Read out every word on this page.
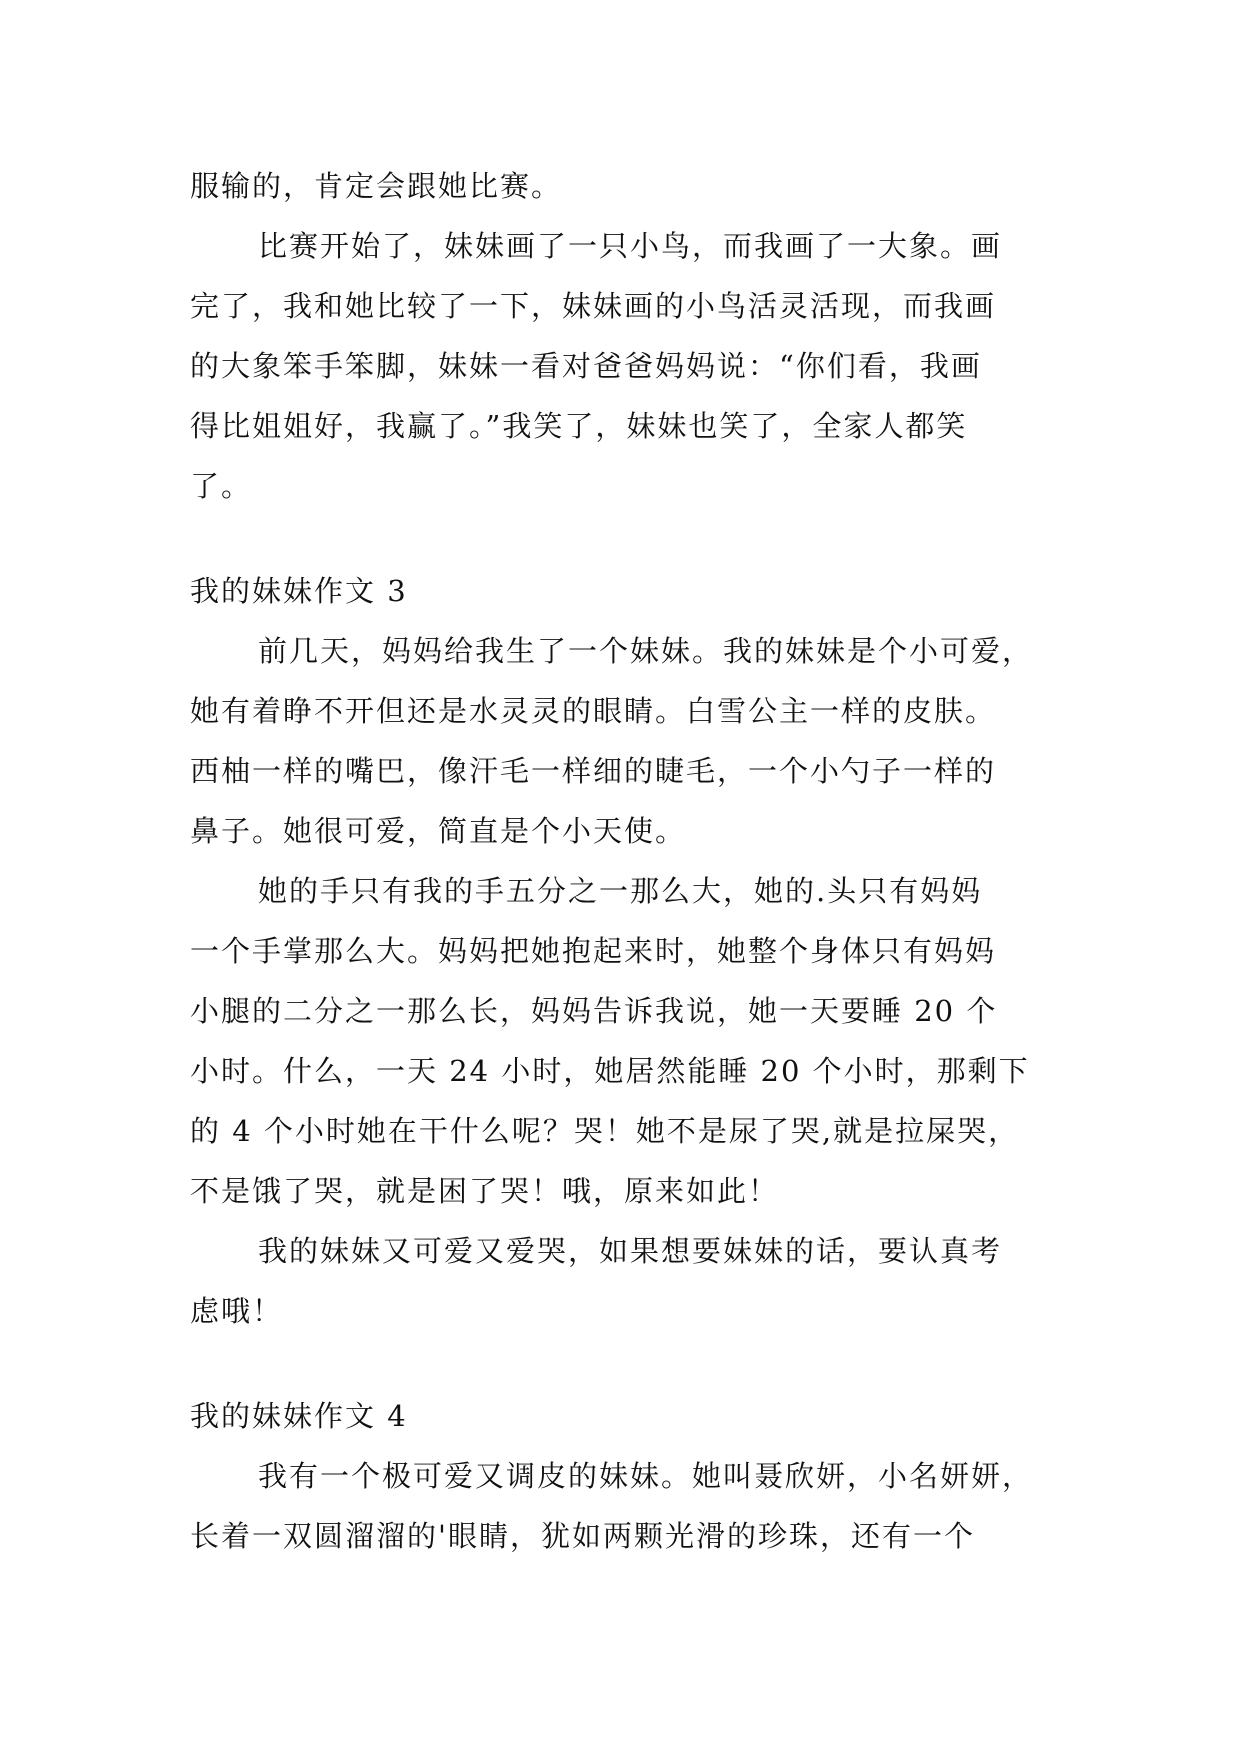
服输的，肯定会跟她比赛。
比赛开始了，妹妹画了一只小鸟，而我画了一大象。画
完了，我和她比较了一下，妹妹画的小鸟活灵活现，而我画
的大象笨手笨脚，妹妹一看对爸爸妈妈说：“你们看，我画
得比姐姐好，我赢了。”我笑了，妹妹也笑了，全家人都笑
了。
我的妹妹作文 3
前几天，妈妈给我生了一个妹妹。我的妹妹是个小可爱，
她有着睁不开但还是水灵灵的眼睛。白雪公主一样的皮肤。
西柚一样的嘴巴，像汗毛一样细的睫毛，一个小勺子一样的
鼻子。她很可爱，简直是个小天使。
她的手只有我的手五分之一那么大，她的.头只有妈妈
一个手掌那么大。妈妈把她抱起来时，她整个身体只有妈妈
小腿的二分之一那么长，妈妈告诉我说，她一天要睡 20 个
小时。什么，一天 24 小时，她居然能睡 20 个小时，那剩下
的 4 个小时她在干什么呢？哭！她不是尿了哭,就是拉屎哭，
不是饿了哭，就是困了哭！哦，原来如此！
我的妹妹又可爱又爱哭，如果想要妹妹的话，要认真考
虑哦！
我的妹妹作文 4
我有一个极可爱又调皮的妹妹。她叫聂欣妍，小名妍妍，
长着一双圆溜溜的'眼睛，犹如两颗光滑的珍珠，还有一个
